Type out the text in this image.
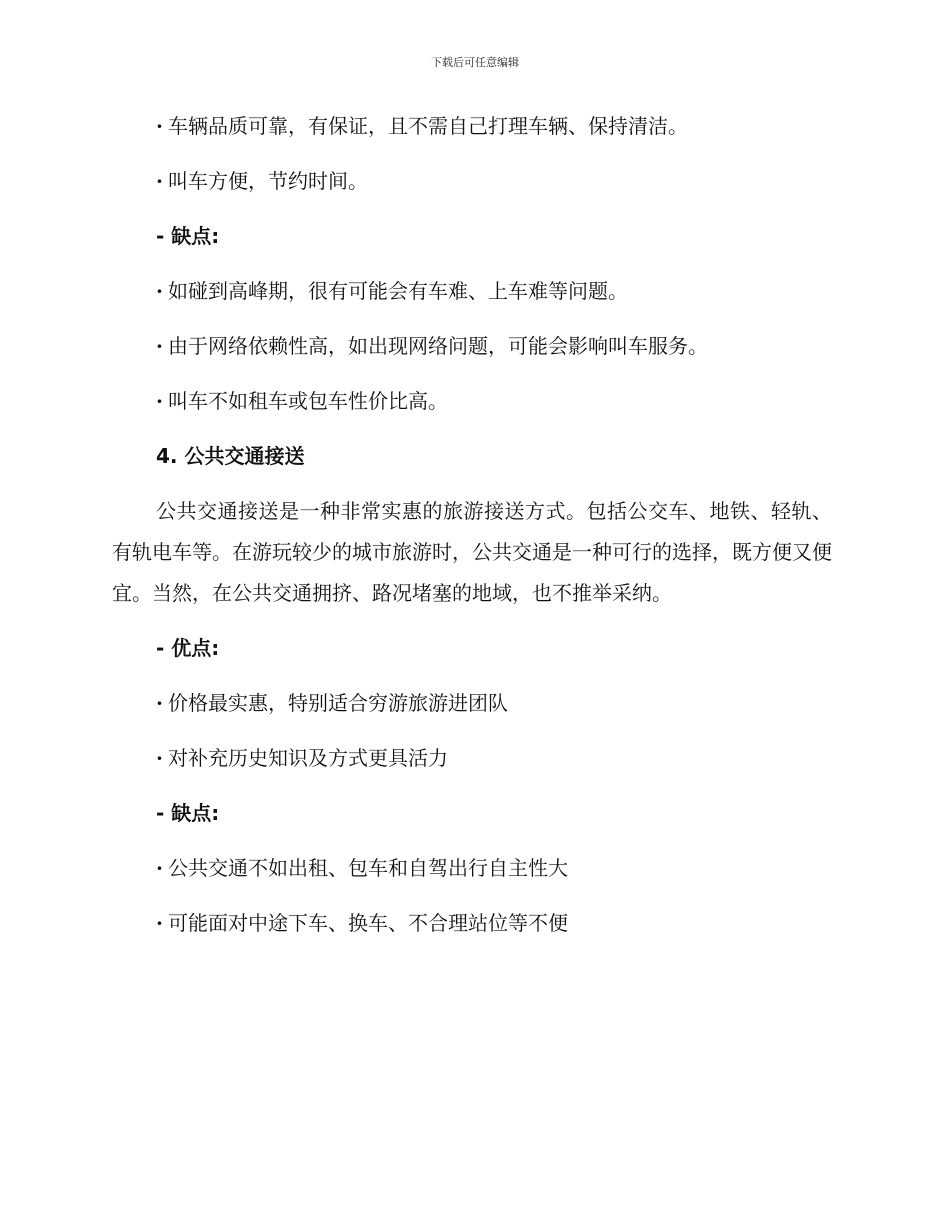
下载后可任意编辑
· 车辆品质可靠，有保证，且不需自己打理车辆、保持清洁。
· 叫车方便，节约时间。
- 缺点:
· 如碰到高峰期，很有可能会有车难、上车难等问题。
· 由于网络依赖性高，如出现网络问题，可能会影响叫车服务。
· 叫车不如租车或包车性价比高。
4. 公共交通接送
公共交通接送是一种非常实惠的旅游接送方式。包括公交车、地铁、轻轨、有轨电车等。在游玩较少的城市旅游时，公共交通是一种可行的选择，既方便又便宜。当然，在公共交通拥挤、路况堵塞的地域，也不推举采纳。
- 优点:
· 价格最实惠，特别适合穷游旅游进团队
· 对补充历史知识及方式更具活力
- 缺点:
· 公共交通不如出租、包车和自驾出行自主性大
· 可能面对中途下车、换车、不合理站位等不便
